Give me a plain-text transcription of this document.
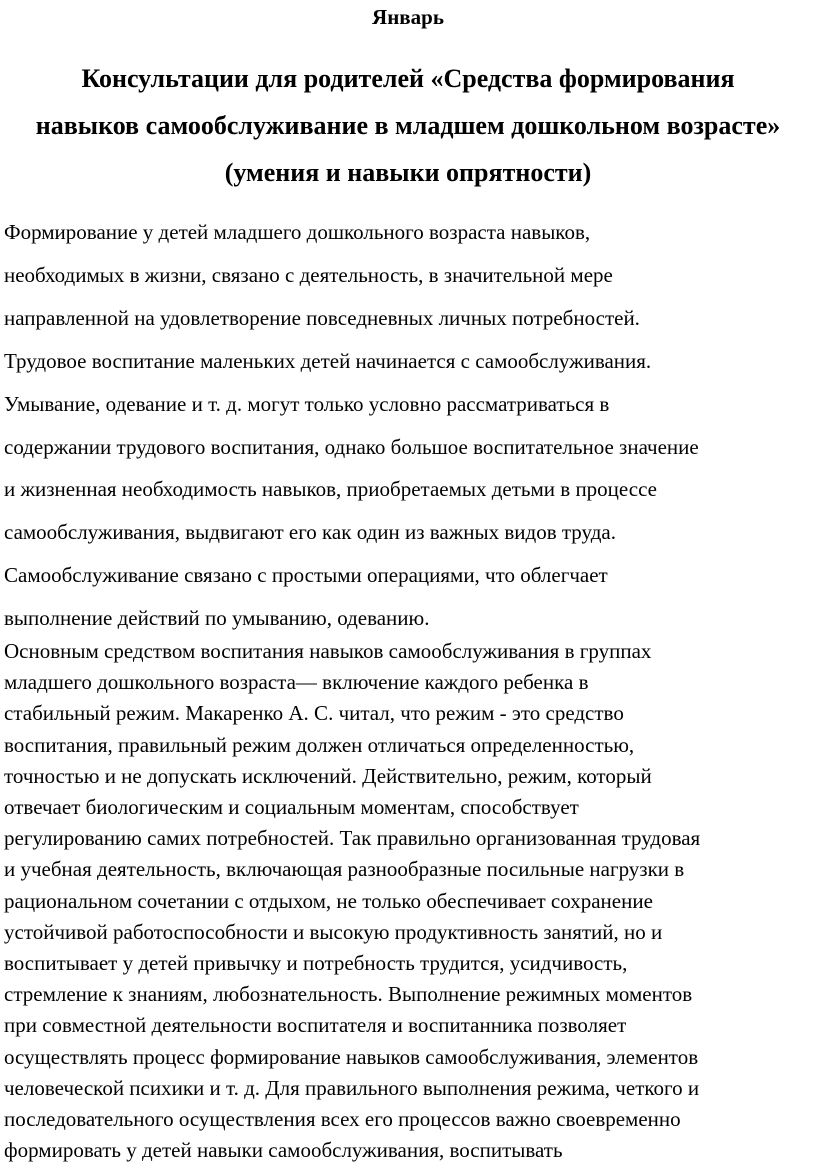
Январь
Консультации для родителей «Средства формирования
навыков самообслуживание в младшем дошкольном возрасте»
(умения и навыки опрятности)
Формирование у детей младшего дошкольного возраста навыков,
необходимых в жизни, связано с деятельность, в значительной мере
направленной на удовлетворение повседневных личных потребностей.
Трудовое воспитание маленьких детей начинается с самообслуживания.
Умывание, одевание и т. д. могут только условно рассматриваться в
содержании трудового воспитания, однако большое воспитательное значение
и жизненная необходимость навыков, приобретаемых детьми в процессе
самообслуживания, выдвигают его как один из важных видов труда.
Самообслуживание связано с простыми операциями, что облегчает
выполнение действий по умыванию, одеванию.
Основным средством воспитания навыков самообслуживания в группах
младшего дошкольного возраста— включение каждого ребенка в
стабильный режим. Макаренко А. С. читал, что режим - это средство
воспитания, правильный режим должен отличаться определенностью,
точностью и не допускать исключений. Действительно, режим, который
отвечает биологическим и социальным моментам, способствует
регулированию самих потребностей. Так правильно организованная трудовая
и учебная деятельность, включающая разнообразные посильные нагрузки в
рациональном сочетании с отдыхом, не только обеспечивает сохранение
устойчивой работоспособности и высокую продуктивность занятий, но и
воспитывает у детей привычку и потребность трудится, усидчивость,
стремление к знаниям, любознательность. Выполнение режимных моментов
при совместной деятельности воспитателя и воспитанника позволяет
осуществлять процесс формирование навыков самообслуживания, элементов
человеческой психики и т. д. Для правильного выполнения режима, четкого и
последовательного осуществления всех его процессов важно своевременно
формировать у детей навыки самообслуживания, воспитывать
